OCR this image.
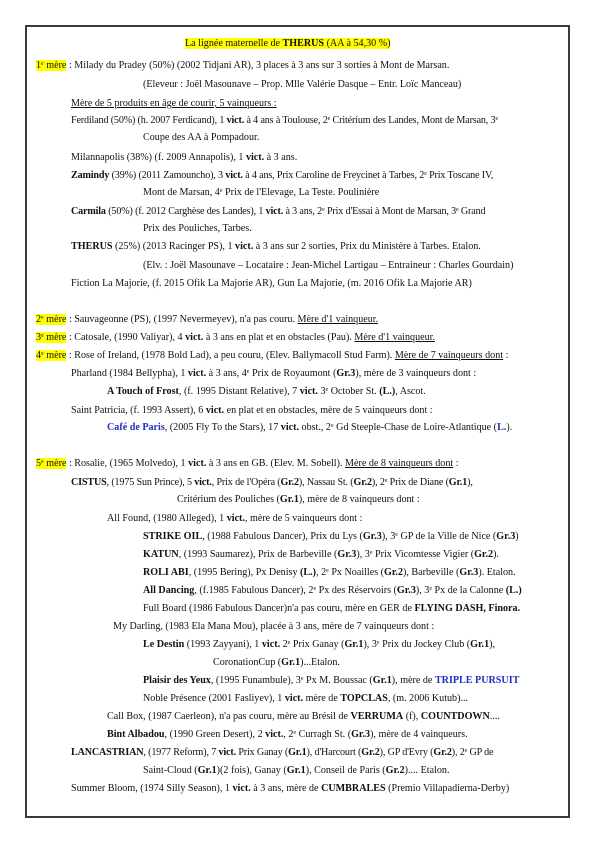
La lignée maternelle de THERUS (AA à 54,30 %)
1e mère : Milady du Pradey (50%) (2002 Tidjani AR), 3 places à 3 ans sur 3 sorties à Mont de Marsan.
(Eleveur : Joël Masounave – Prop. Mlle Valérie Dasque – Entr. Loïc Manceau)
Mère de 5 produits en âge de courir, 5 vainqueurs :
Ferdiland (50%) (h. 2007 Ferdicand), 1 vict. à 4 ans à Toulouse, 2e Critérium des Landes, Mont de Marsan, 3e
Coupe des AA à Pompadour.
Milannapolis (38%) (f. 2009 Annapolis), 1 vict. à 3 ans.
Zamindy (39%) (2011 Zamouncho), 3 vict. à 4 ans, Prix Caroline de Freycinet à Tarbes, 2e Prix Toscane IV,
Mont de Marsan, 4e Prix de l'Elevage, La Teste. Poulinière
Carmila (50%) (f. 2012 Carghèse des Landes), 1 vict. à 3 ans, 2e Prix d'Essai à Mont de Marsan, 3e Grand
Prix des Pouliches, Tarbes.
THERUS (25%) (2013 Racinger PS), 1 vict. à 3 ans sur 2 sorties, Prix du Ministère à Tarbes. Etalon.
(Elv. : Joël Masounave – Locataire : Jean-Michel Lartigau – Entraineur : Charles Gourdain)
Fiction La Majorie, (f. 2015 Ofik La Majorie AR), Gun La Majorie, (m. 2016 Ofik La Majorie AR)
2e mère : Sauvageonne (PS), (1997 Nevermeyev), n'a pas couru. Mère d'1 vainqueur.
3e mère : Catosale, (1990 Valiyar), 4 vict. à 3 ans en plat et en obstacles (Pau). Mère d'1 vainqueur.
4e mère : Rose of Ireland, (1978 Bold Lad), a peu couru, (Elev. Ballymacoll Stud Farm). Mère de 7 vainqueurs dont :
Pharland (1984 Bellypha), 1 vict. à 3 ans, 4e Prix de Royaumont (Gr.3), mère de 3 vainqueurs dont :
A Touch of Frost, (f. 1995 Distant Relative), 7 vict. 3e October St. (L.), Ascot.
Saint Patricia, (f. 1993 Assert), 6 vict. en plat et en obstacles, mère de 5 vainqueurs dont :
Café de Paris, (2005 Fly To the Stars), 17 vict. obst., 2e Gd Steeple-Chase de Loire-Atlantique (L.).
5e mère : Rosalie, (1965 Molvedo), 1 vict. à 3 ans en GB. (Elev. M. Sobell). Mère de 8 vainqueurs dont :
CISTUS, (1975 Sun Prince), 5 vict., Prix de l'Opéra (Gr.2), Nassau St. (Gr.2), 2e Prix de Diane (Gr.1),
Critérium des Pouliches (Gr.1), mère de 8 vainqueurs dont :
All Found, (1980 Alleged), 1 vict., mère de 5 vainqueurs dont :
STRIKE OIL, (1988 Fabulous Dancer), Prix du Lys (Gr.3), 3e GP de la Ville de Nice (Gr.3)
KATUN, (1993 Saumarez), Prix de Barbeville (Gr.3), 3e Prix Vicomtesse Vigier (Gr.2).
ROLI ABI, (1995 Bering), Px Denisy (L.), 2e Px Noailles (Gr.2), Barbeville (Gr.3). Etalon.
All Dancing, (f.1985 Fabulous Dancer), 2e Px des Réservoirs (Gr.3), 3e Px de la Calonne (L.)
Full Board (1986 Fabulous Dancer)n'a pas couru, mère en GER de FLYING DASH, Finora.
My Darling, (1983 Ela Mana Mou), placée à 3 ans, mère de 7 vainqueurs dont :
Le Destin (1993 Zayyani), 1 vict. 2e Prix Ganay (Gr.1), 3e Prix du Jockey Club (Gr.1),
CoronationCup (Gr.1)...Etalon.
Plaisir des Yeux, (1995 Funambule), 3e Px M. Boussac (Gr.1), mère de TRIPLE PURSUIT
Noble Présence (2001 Fasliyev), 1 vict. mère de TOPCLAS, (m. 2006 Kutub)...
Call Box, (1987 Caerleon), n'a pas couru, mère au Brésil de VERRUMA (f), COUNTDOWN....
Bint Albadou, (1990 Green Desert), 2 vict., 2e Curragh St. (Gr.3), mère de 4 vainqueurs.
LANCASTRIAN, (1977 Reform), 7 vict. Prix Ganay (Gr.1), d'Harcourt (Gr.2), GP d'Evry (Gr.2), 2e GP de
Saint-Cloud (Gr.1)(2 fois), Ganay (Gr.1), Conseil de Paris (Gr.2).... Etalon.
Summer Bloom, (1974 Silly Season), 1 vict. à 3 ans, mère de CUMBRALES (Premio Villapadierna-Derby)
